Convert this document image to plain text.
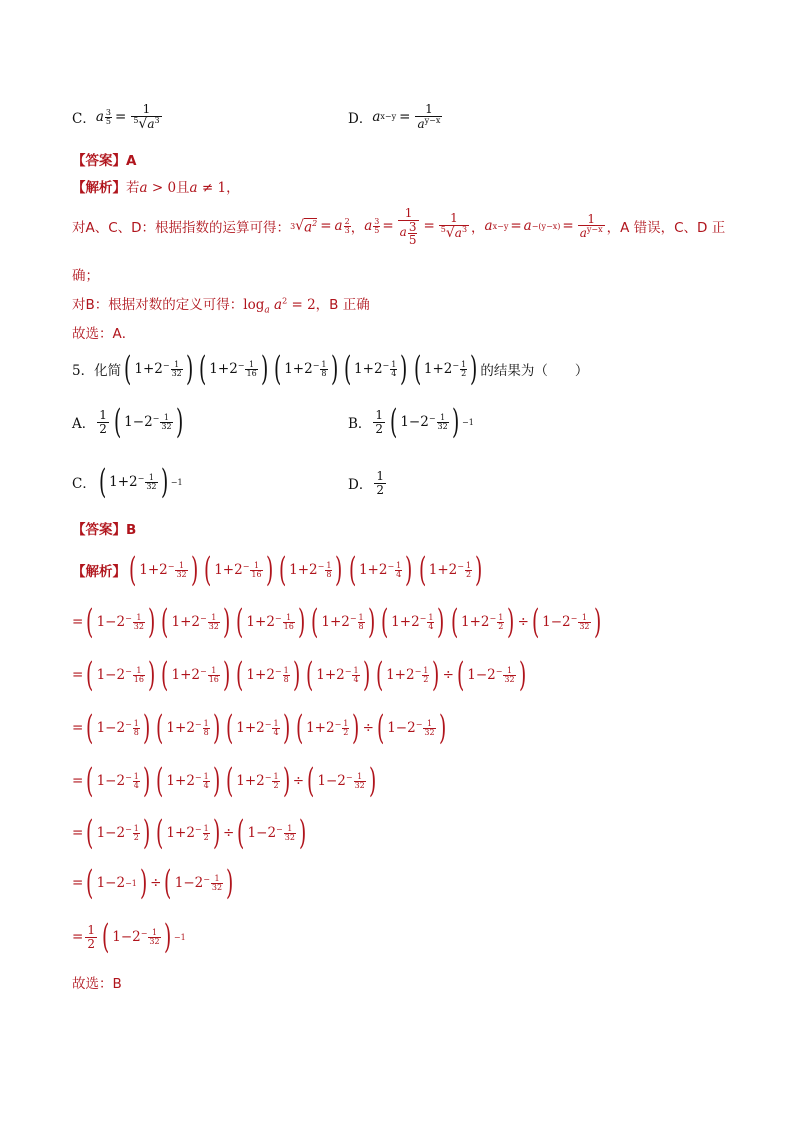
C． a $\frac{3}{5} = \frac{1}{^5√a^3}$	D． a $x-y = \frac{1}{a^{y-x}}$
【答案】A
【解析】若a > 0且a ≠ 1，
对A、C、D：根据指数的运算可得： 3 √ $a^2 = a$ 2
3 ， a $\frac{3}{5} = \frac{1}{a \frac{3}{5}} = \frac{1}{^5√a^3}$ ， a $x-y = a -(y-x) = \frac{1}{a^{y-x}}$ ，A 错误，C、D 正
确；
对B：根据对数的定义可得：$\log_a a^2 = 2$，B 正确
故选：A．
5． 化简 ( $1 + 2 - \frac{1}{32}$ ) ( $1 + 2 - \frac{1}{16}$ ) ( $1 + 2 - \frac{1}{8}$ ) ( $1 + 2 - \frac{1}{4}$ ) ( $1 + 2 - \frac{1}{2}$ ) 的结果为（　　）
A． $\frac{1}{2}$ ( $1 - 2 - \frac{1}{32}$ )	B． $\frac{1}{2}$ ( $1 - 2 - \frac{1}{32}$ ) −1
C． ( $1 + 2 - \frac{1}{32}$ ) −1	D． $\frac{1}{2}$
【答案】B
【解析】 ( $1 + 2 - \frac{1}{32}$ ) ( $1 + 2 - \frac{1}{16}$ ) ( $1 + 2 - \frac{1}{8}$ ) ( $1 + 2 - \frac{1}{4}$ ) ( $1 + 2 - \frac{1}{2}$ )
= ( $1 - 2 - \frac{1}{32}$ ) ( $1 + 2 - \frac{1}{32}$ ) ( $1 + 2 - \frac{1}{16}$ ) ( $1 + 2 - \frac{1}{8}$ ) ( $1 + 2 - \frac{1}{4}$ ) ( $1 + 2 - \frac{1}{2}$ ) ÷ ( $1 - 2 - \frac{1}{32}$ )
= ( $1 - 2 - \frac{1}{16}$ ) ( $1 + 2 - \frac{1}{16}$ ) ( $1 + 2 - \frac{1}{8}$ ) ( $1 + 2 - \frac{1}{4}$ ) ( $1 + 2 - \frac{1}{2}$ ) ÷ ( $1 - 2 - \frac{1}{32}$ )
= ( $1 - 2 - \frac{1}{8}$ ) ( $1 + 2 - \frac{1}{8}$ ) ( $1 + 2 - \frac{1}{4}$ ) ( $1 + 2 - \frac{1}{2}$ ) ÷ ( $1 - 2 - \frac{1}{32}$ )
= ( $1 - 2 - \frac{1}{4}$ ) ( $1 + 2 - \frac{1}{4}$ ) ( $1 + 2 - \frac{1}{2}$ ) ÷ ( $1 - 2 - \frac{1}{32}$ )
= ( $1 - 2 - \frac{1}{2}$ ) ( $1 + 2 - \frac{1}{2}$ ) ÷ ( $1 - 2 - \frac{1}{32}$ )
= ( 1 − 2 −1 ) ÷ ( $1 - 2 - \frac{1}{32}$ )
= $\frac{1}{2}$ ( $1 - 2 - \frac{1}{32}$ ) −1
故选：B
